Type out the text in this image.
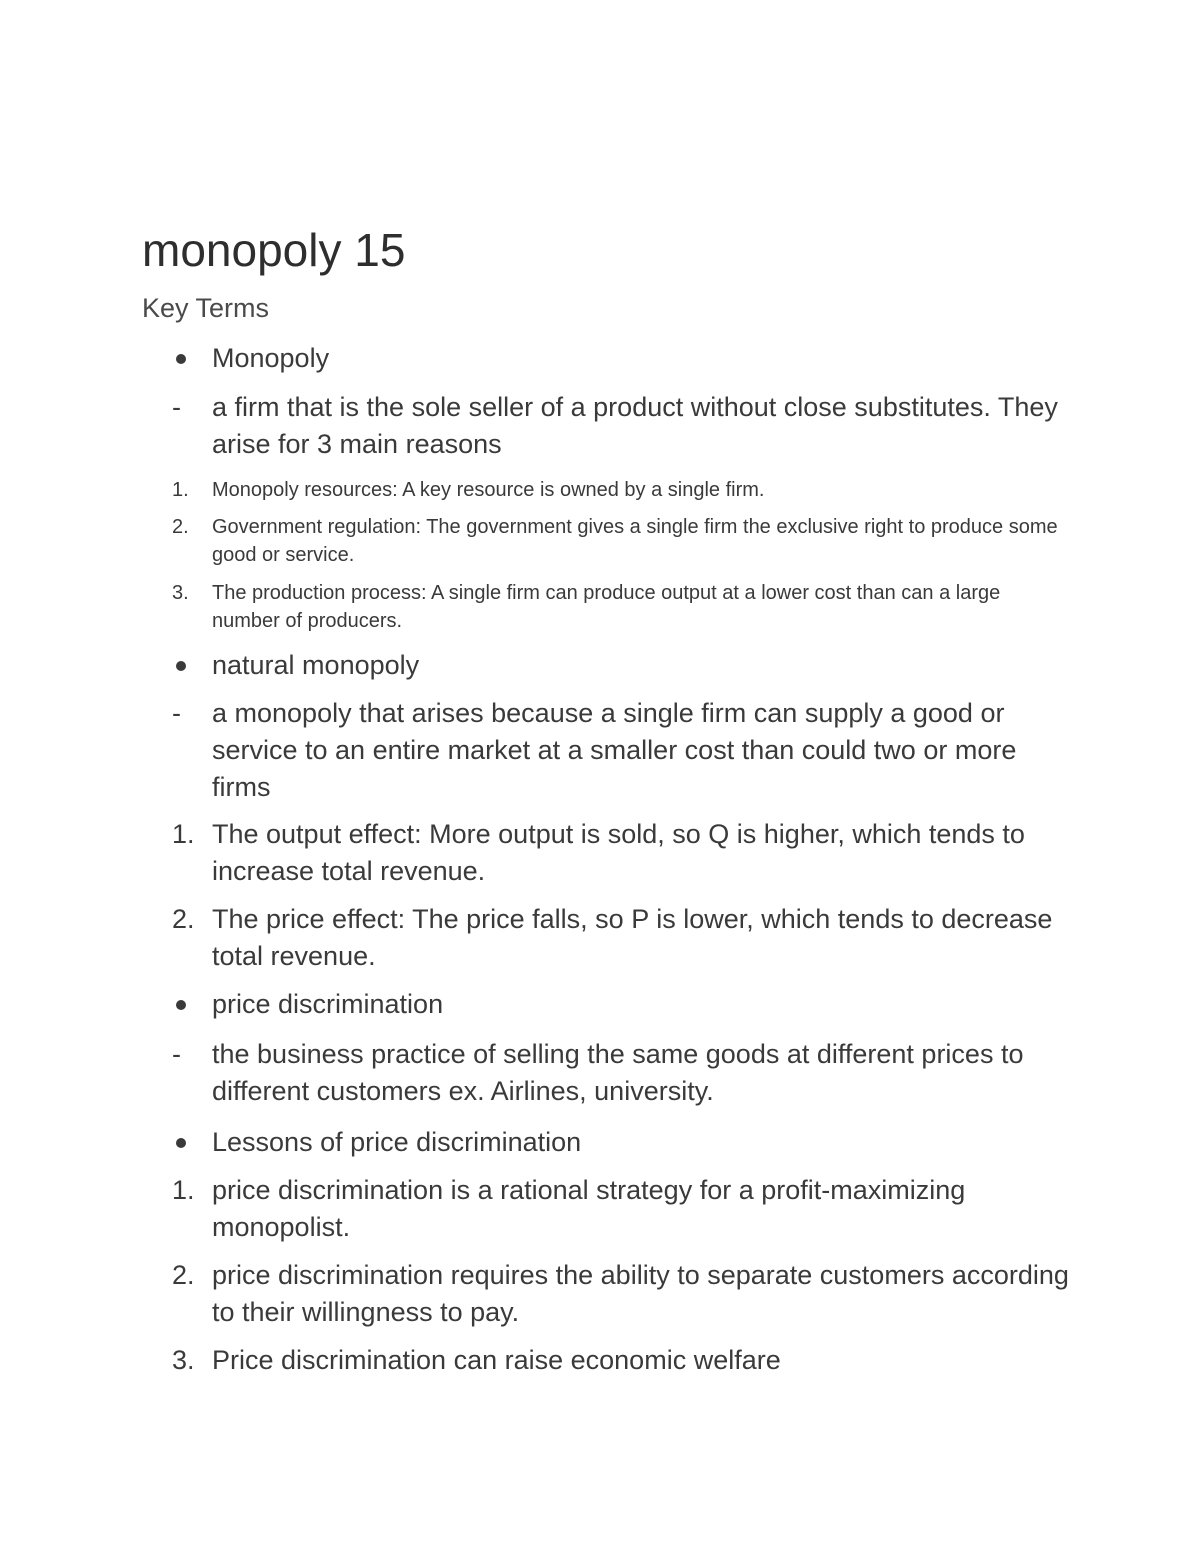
monopoly 15
Key Terms
Monopoly
-	a firm that is the sole seller of a product without close substitutes. They arise for 3 main reasons
1.	Monopoly resources: A key resource is owned by a single firm.
2.	Government regulation: The government gives a single firm the exclusive right to produce some good or service.
3.	The production process: A single firm can produce output at a lower cost than can a large number of producers.
natural monopoly
-	a monopoly that arises because a single firm can supply a good or service to an entire market at a smaller cost than could two or more firms
1. The output effect: More output is sold, so Q is higher, which tends to increase total revenue.
2. The price effect: The price falls, so P is lower, which tends to decrease total revenue.
price discrimination
-	the business practice of selling the same goods at different prices to different customers ex. Airlines, university.
Lessons of price discrimination
1. price discrimination is a rational strategy for a profit-maximizing monopolist.
2. price discrimination requires the ability to separate customers according to their willingness to pay.
3. Price discrimination can raise economic welfare
